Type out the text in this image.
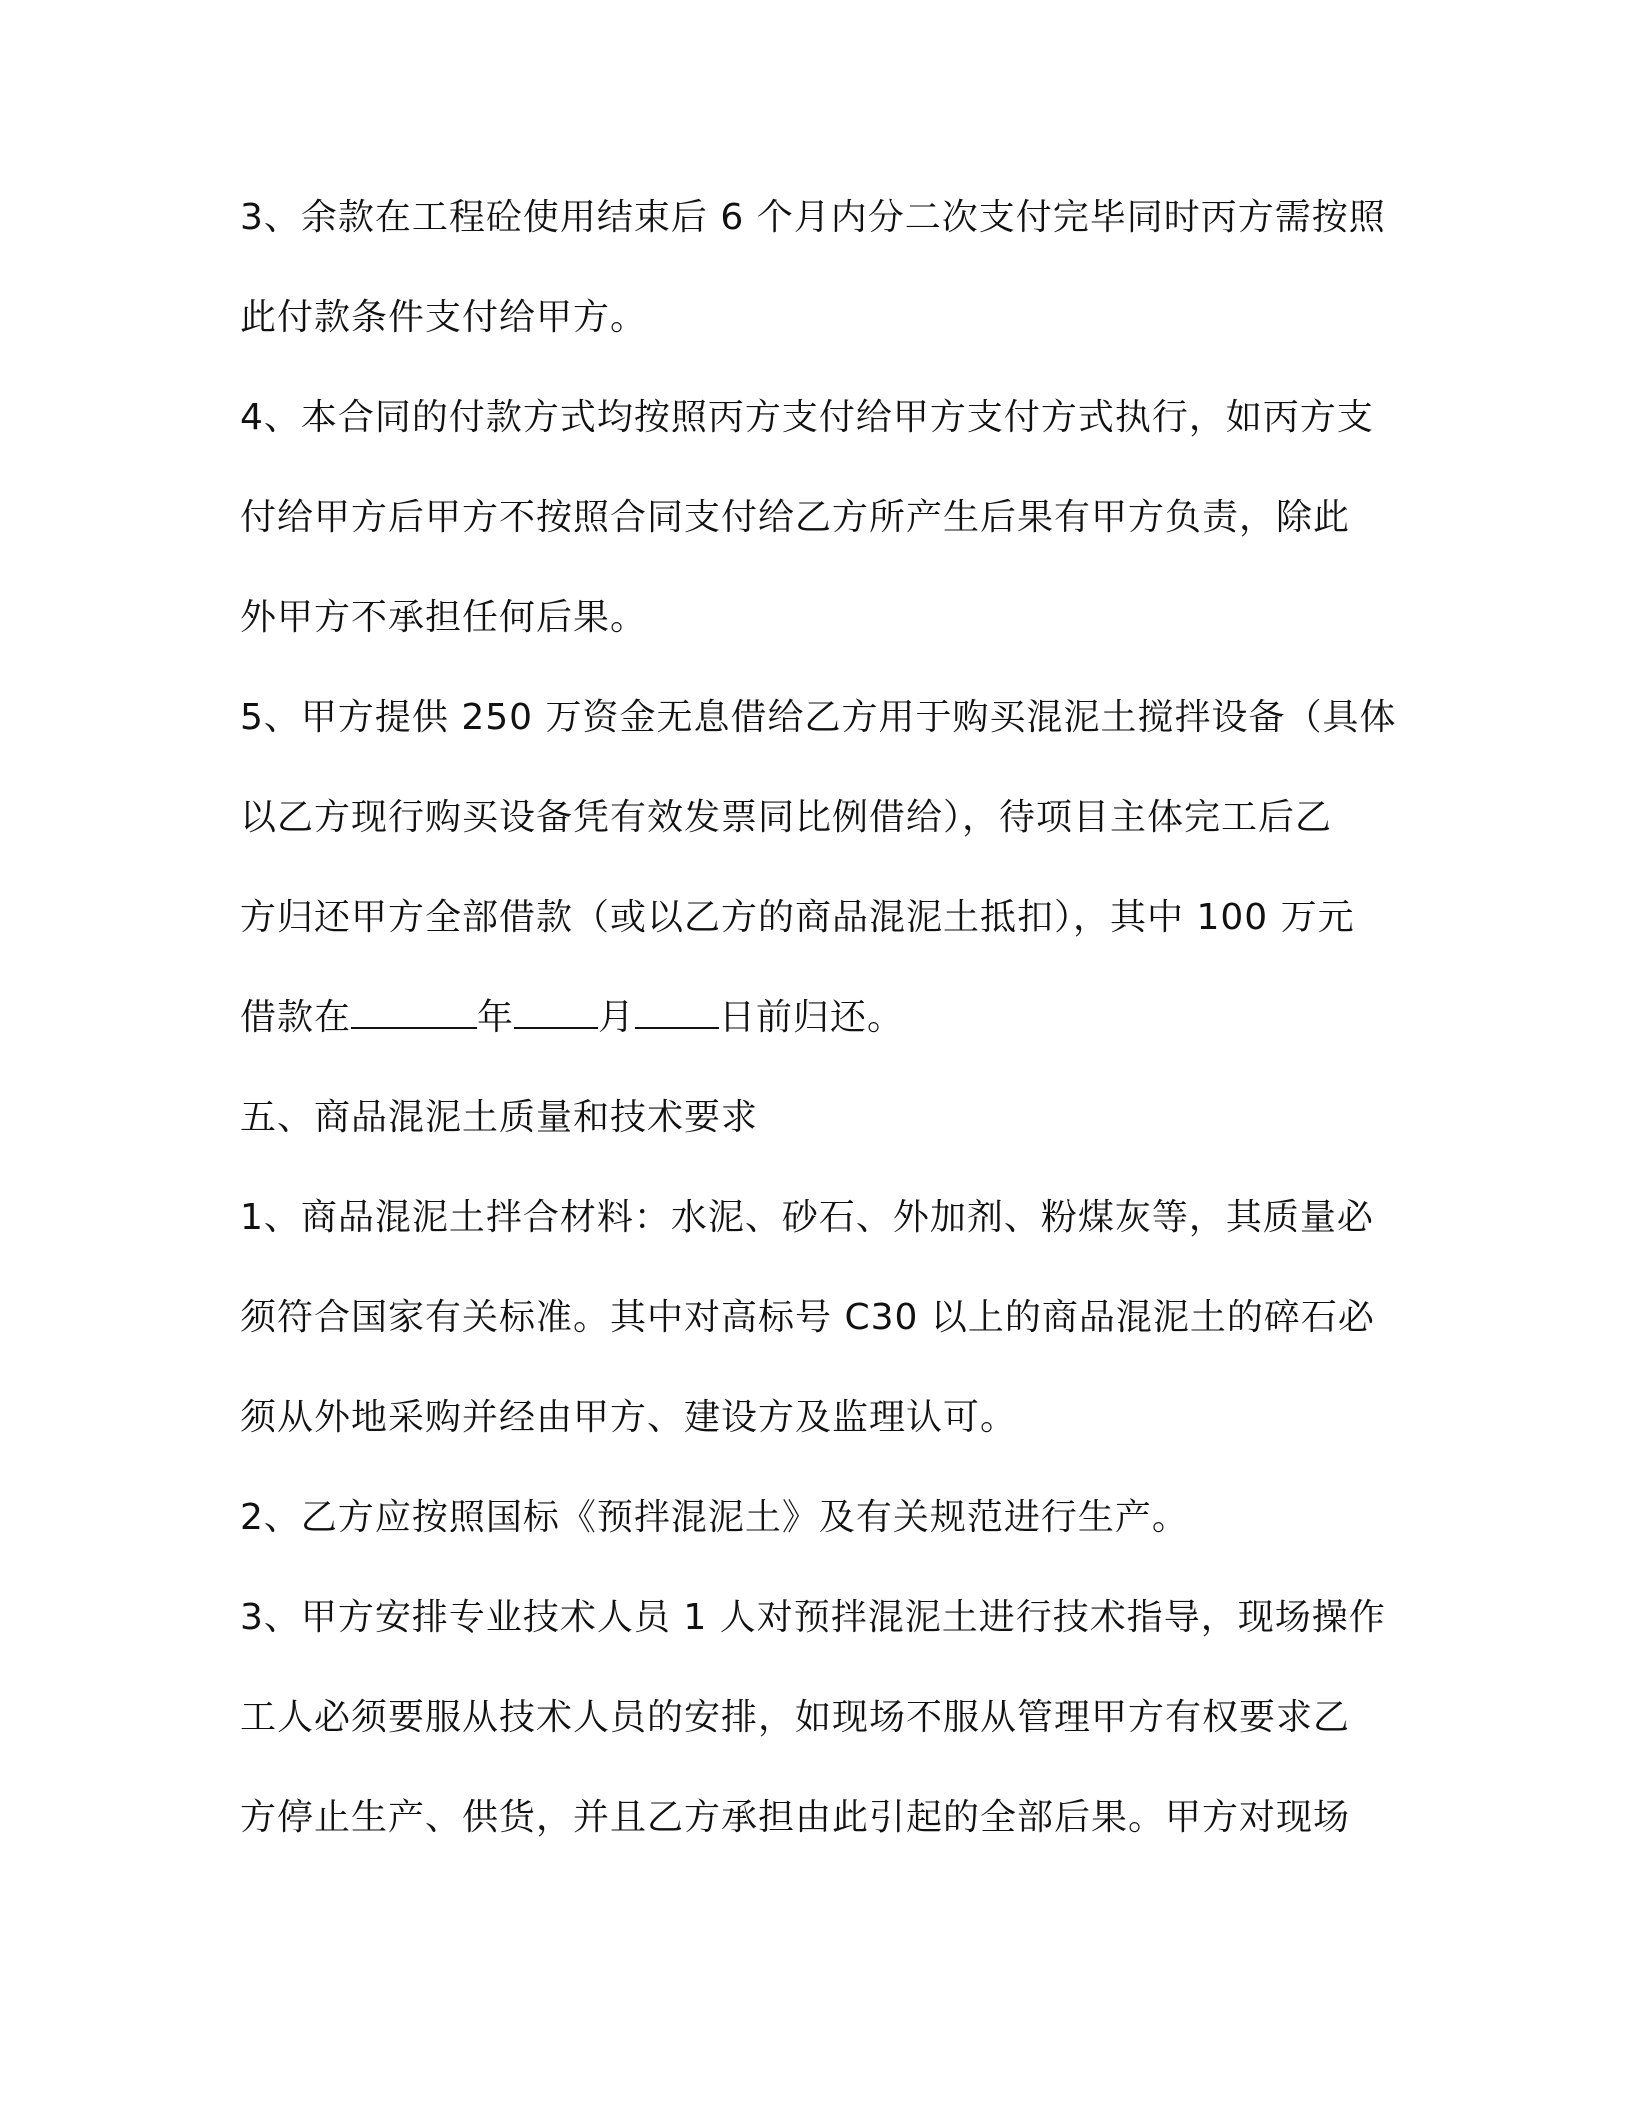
3、余款在工程砼使用结束后 6 个月内分二次支付完毕同时丙方需按照
此付款条件支付给甲方。
4、本合同的付款方式均按照丙方支付给甲方支付方式执行，如丙方支
付给甲方后甲方不按照合同支付给乙方所产生后果有甲方负责，除此
外甲方不承担任何后果。
5、甲方提供 250 万资金无息借给乙方用于购买混泥土搅拌设备（具体
以乙方现行购买设备凭有效发票同比例借给），待项目主体完工后乙
方归还甲方全部借款（或以乙方的商品混泥土抵扣），其中 100 万元
借款在	年 月 日前归还。
五、商品混泥土质量和技术要求
1、商品混泥土拌合材料：水泥、砂石、外加剂、粉煤灰等，其质量必
须符合国家有关标准。其中对高标号 C30 以上的商品混泥土的碎石必
须从外地采购并经由甲方、建设方及监理认可。
2、乙方应按照国标《预拌混泥土》及有关规范进行生产。
3、甲方安排专业技术人员 1 人对预拌混泥土进行技术指导，现场操作
工人必须要服从技术人员的安排，如现场不服从管理甲方有权要求乙
方停止生产、供货，并且乙方承担由此引起的全部后果。甲方对现场
